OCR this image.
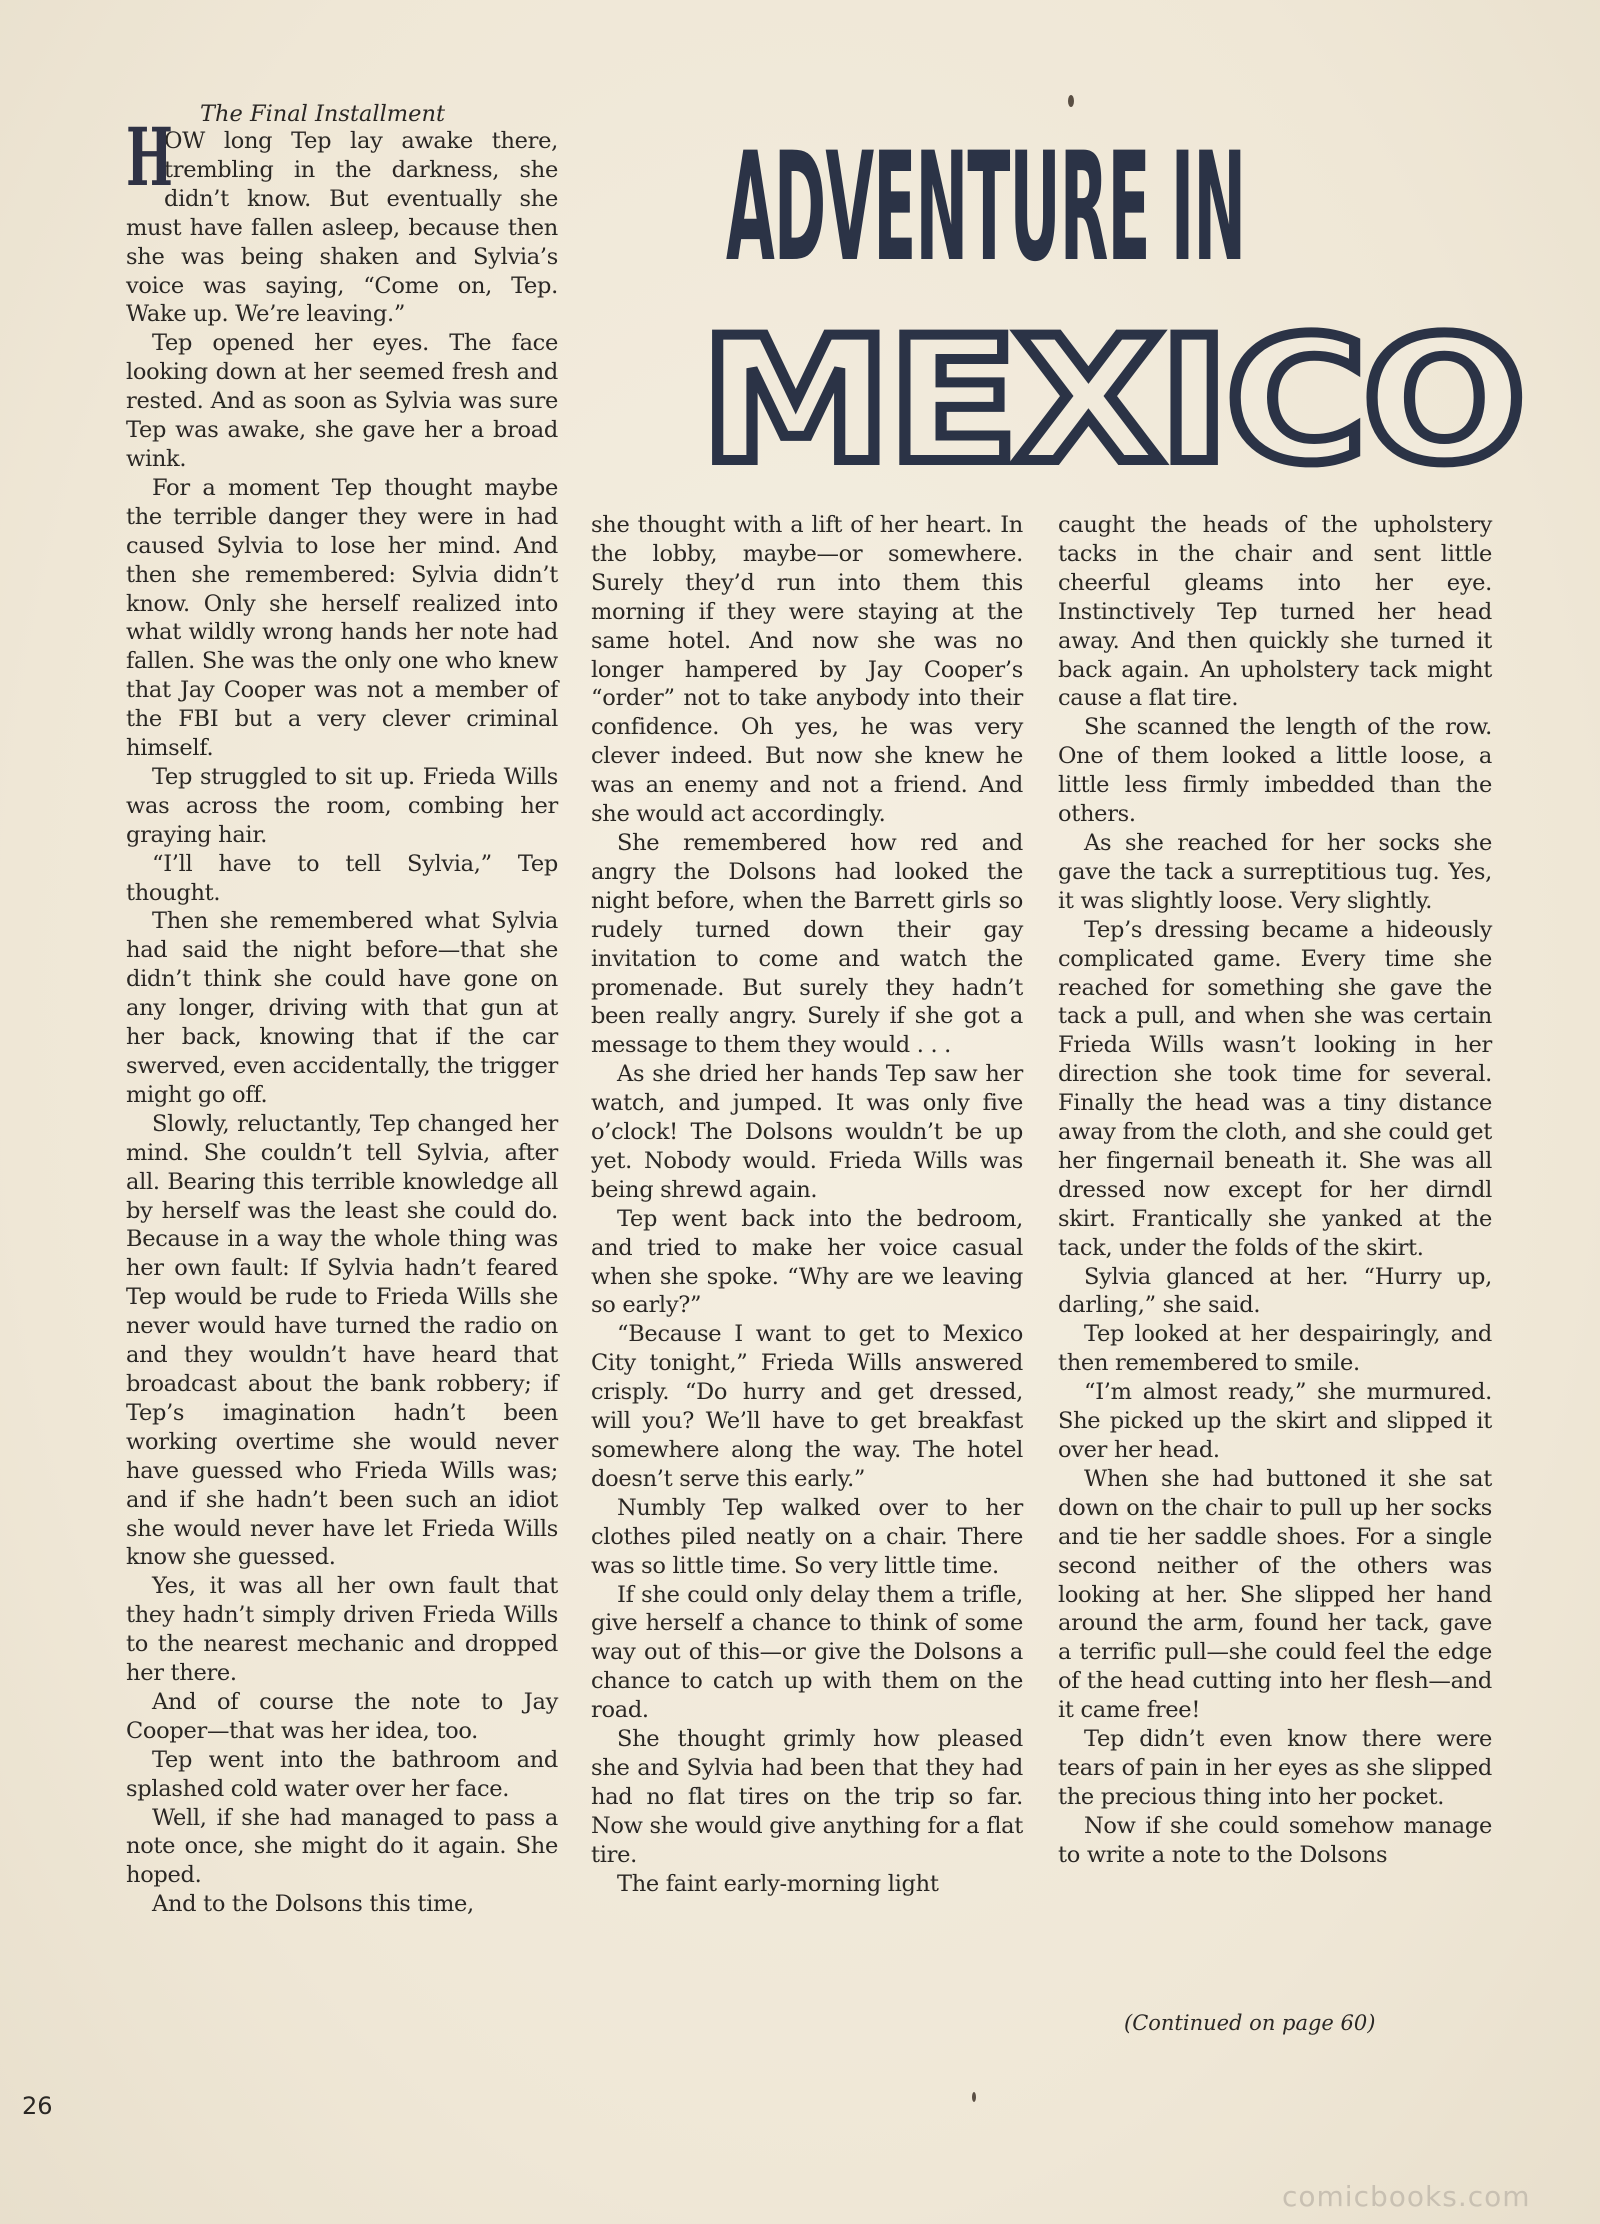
The Final Installment
ADVENTURE IN
MEXICO
H

OW long Tep lay awake there, trembling in the darkness, she didn’t know. But eventually she must have fallen asleep, because then she was being shaken and Sylvia’s voice was saying, “Come on, Tep. Wake up. We’re leaving.”

Tep opened her eyes. The face looking down at her seemed fresh and rested. And as soon as Sylvia was sure Tep was awake, she gave her a broad wink.

For a moment Tep thought maybe the terrible danger they were in had caused Sylvia to lose her mind. And then she remembered: Sylvia didn’t know. Only she herself realized into what wildly wrong hands her note had fallen. She was the only one who knew that Jay Cooper was not a member of the FBI but a very clever criminal himself.

Tep struggled to sit up. Frieda Wills was across the room, combing her graying hair.

“I’ll have to tell Sylvia,” Tep thought.

Then she remembered what Sylvia had said the night before—that she didn’t think she could have gone on any longer, driving with that gun at her back, knowing that if the car swerved, even accidentally, the trigger might go off.

Slowly, reluctantly, Tep changed her mind. She couldn’t tell Sylvia, after all. Bearing this terrible knowledge all by herself was the least she could do. Because in a way the whole thing was her own fault: If Sylvia hadn’t feared Tep would be rude to Frieda Wills she never would have turned the radio on and they wouldn’t have heard that broadcast about the bank robbery; if Tep’s imagination hadn’t been working overtime she would never have guessed who Frieda Wills was; and if she hadn’t been such an idiot she would never have let Frieda Wills know she guessed.

Yes, it was all her own fault that they hadn’t simply driven Frieda Wills to the nearest mechanic and dropped her there.

And of course the note to Jay Cooper—that was her idea, too.

Tep went into the bathroom and splashed cold water over her face.

Well, if she had managed to pass a note once, she might do it again. She hoped.

And to the Dolsons this time,

she thought with a lift of her heart. In the lobby, maybe—or somewhere. Surely they’d run into them this morning if they were staying at the same hotel. And now she was no longer hampered by Jay Cooper’s “order” not to take anybody into their confidence. Oh yes, he was very clever indeed. But now she knew he was an enemy and not a friend. And she would act accordingly.

She remembered how red and angry the Dolsons had looked the night before, when the Barrett girls so rudely turned down their gay invitation to come and watch the promenade. But surely they hadn’t been really angry. Surely if she got a message to them they would . . .

As she dried her hands Tep saw her watch, and jumped. It was only five o’clock! The Dolsons wouldn’t be up yet. Nobody would. Frieda Wills was being shrewd again.

Tep went back into the bedroom, and tried to make her voice casual when she spoke. “Why are we leaving so early?”

“Because I want to get to Mexico City tonight,” Frieda Wills answered crisply. “Do hurry and get dressed, will you? We’ll have to get breakfast somewhere along the way. The hotel doesn’t serve this early.”

Numbly Tep walked over to her clothes piled neatly on a chair. There was so little time. So very little time.

If she could only delay them a trifle, give herself a chance to think of some way out of this—or give the Dolsons a chance to catch up with them on the road.

She thought grimly how pleased she and Sylvia had been that they had had no flat tires on the trip so far. Now she would give anything for a flat tire.

The faint early-morning light

caught the heads of the upholstery tacks in the chair and sent little cheerful gleams into her eye. Instinctively Tep turned her head away. And then quickly she turned it back again. An upholstery tack might cause a flat tire.

She scanned the length of the row. One of them looked a little loose, a little less firmly imbedded than the others.

As she reached for her socks she gave the tack a surreptitious tug. Yes, it was slightly loose. Very slightly.

Tep’s dressing became a hideously complicated game. Every time she reached for something she gave the tack a pull, and when she was certain Frieda Wills wasn’t looking in her direction she took time for several. Finally the head was a tiny distance away from the cloth, and she could get her fingernail beneath it. She was all dressed now except for her dirndl skirt. Frantically she yanked at the tack, under the folds of the skirt.

Sylvia glanced at her. “Hurry up, darling,” she said.

Tep looked at her despairingly, and then remembered to smile.

“I’m almost ready,” she murmured. She picked up the skirt and slipped it over her head.

When she had buttoned it she sat down on the chair to pull up her socks and tie her saddle shoes. For a single second neither of the others was looking at her. She slipped her hand around the arm, found her tack, gave a terrific pull—she could feel the edge of the head cutting into her flesh—and it came free!

Tep didn’t even know there were tears of pain in her eyes as she slipped the precious thing into her pocket.

Now if she could somehow manage to write a note to the Dolsons

(Continued on page 60)
26
comicbooks.com
